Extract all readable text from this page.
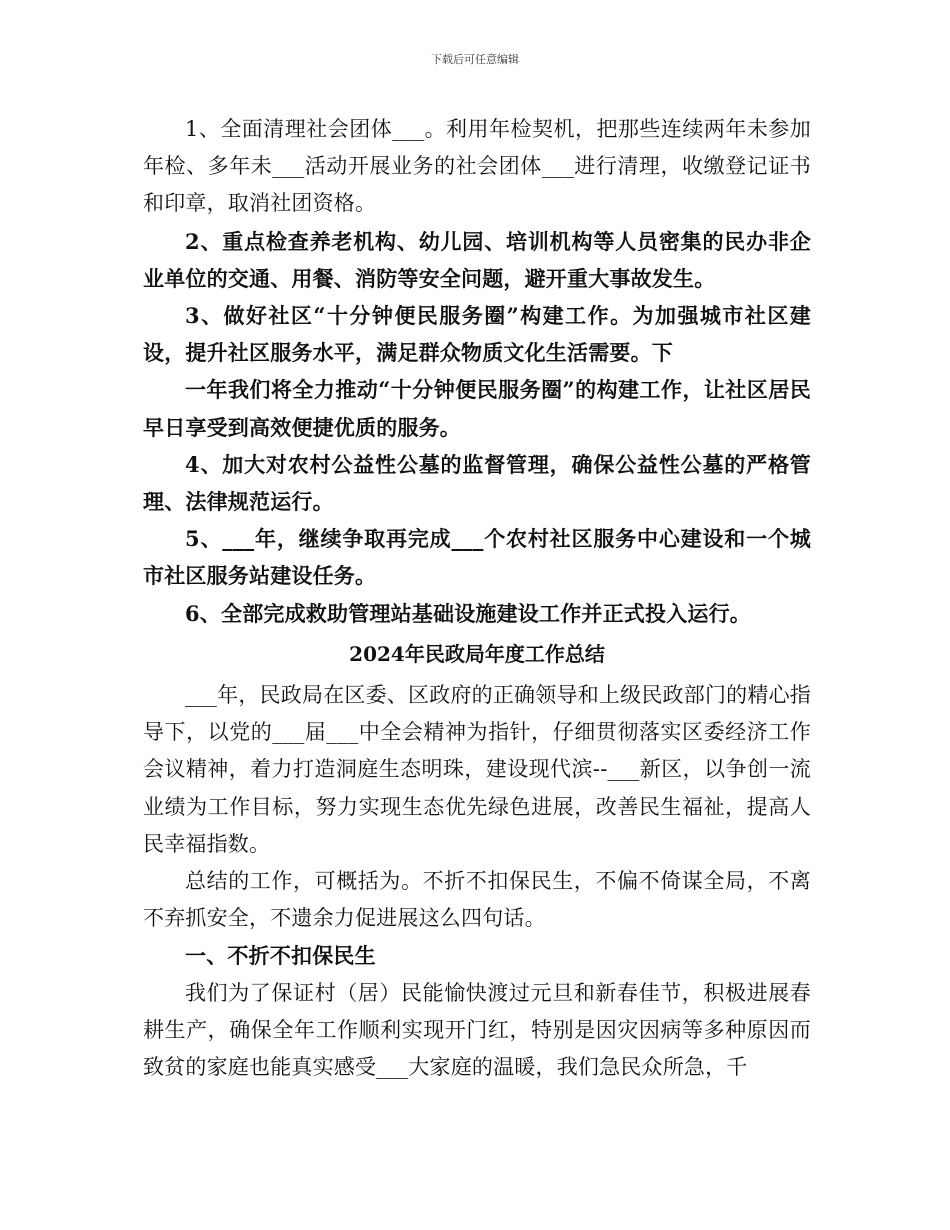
下载后可任意编辑

1、全面清理社会团体___。利用年检契机，把那些连续两年未参加年检、多年未___活动开展业务的社会团体___进行清理，收缴登记证书和印章，取消社团资格。

2、重点检查养老机构、幼儿园、培训机构等人员密集的民办非企业单位的交通、用餐、消防等安全问题，避开重大事故发生。

3、做好社区“十分钟便民服务圈”构建工作。为加强城市社区建设，提升社区服务水平，满足群众物质文化生活需要。下

一年我们将全力推动“十分钟便民服务圈”的构建工作，让社区居民早日享受到高效便捷优质的服务。

4、加大对农村公益性公墓的监督管理，确保公益性公墓的严格管理、法律规范运行。

5、___年，继续争取再完成___个农村社区服务中心建设和一个城市社区服务站建设任务。

6、全部完成救助管理站基础设施建设工作并正式投入运行。

2024年民政局年度工作总结

___年，民政局在区委、区政府的正确领导和上级民政部门的精心指导下，以党的___届___中全会精神为指针，仔细贯彻落实区委经济工作会议精神，着力打造洞庭生态明珠，建设现代滨--___新区，以争创一流业绩为工作目标，努力实现生态优先绿色进展，改善民生福祉，提高人民幸福指数。

总结的工作，可概括为。不折不扣保民生，不偏不倚谋全局，不离不弃抓安全，不遗余力促进展这么四句话。

一、不折不扣保民生

我们为了保证村（居）民能愉快渡过元旦和新春佳节，积极进展春耕生产，确保全年工作顺利实现开门红，特别是因灾因病等多种原因而致贫的家庭也能真实感受___大家庭的温暖，我们急民众所急，千
